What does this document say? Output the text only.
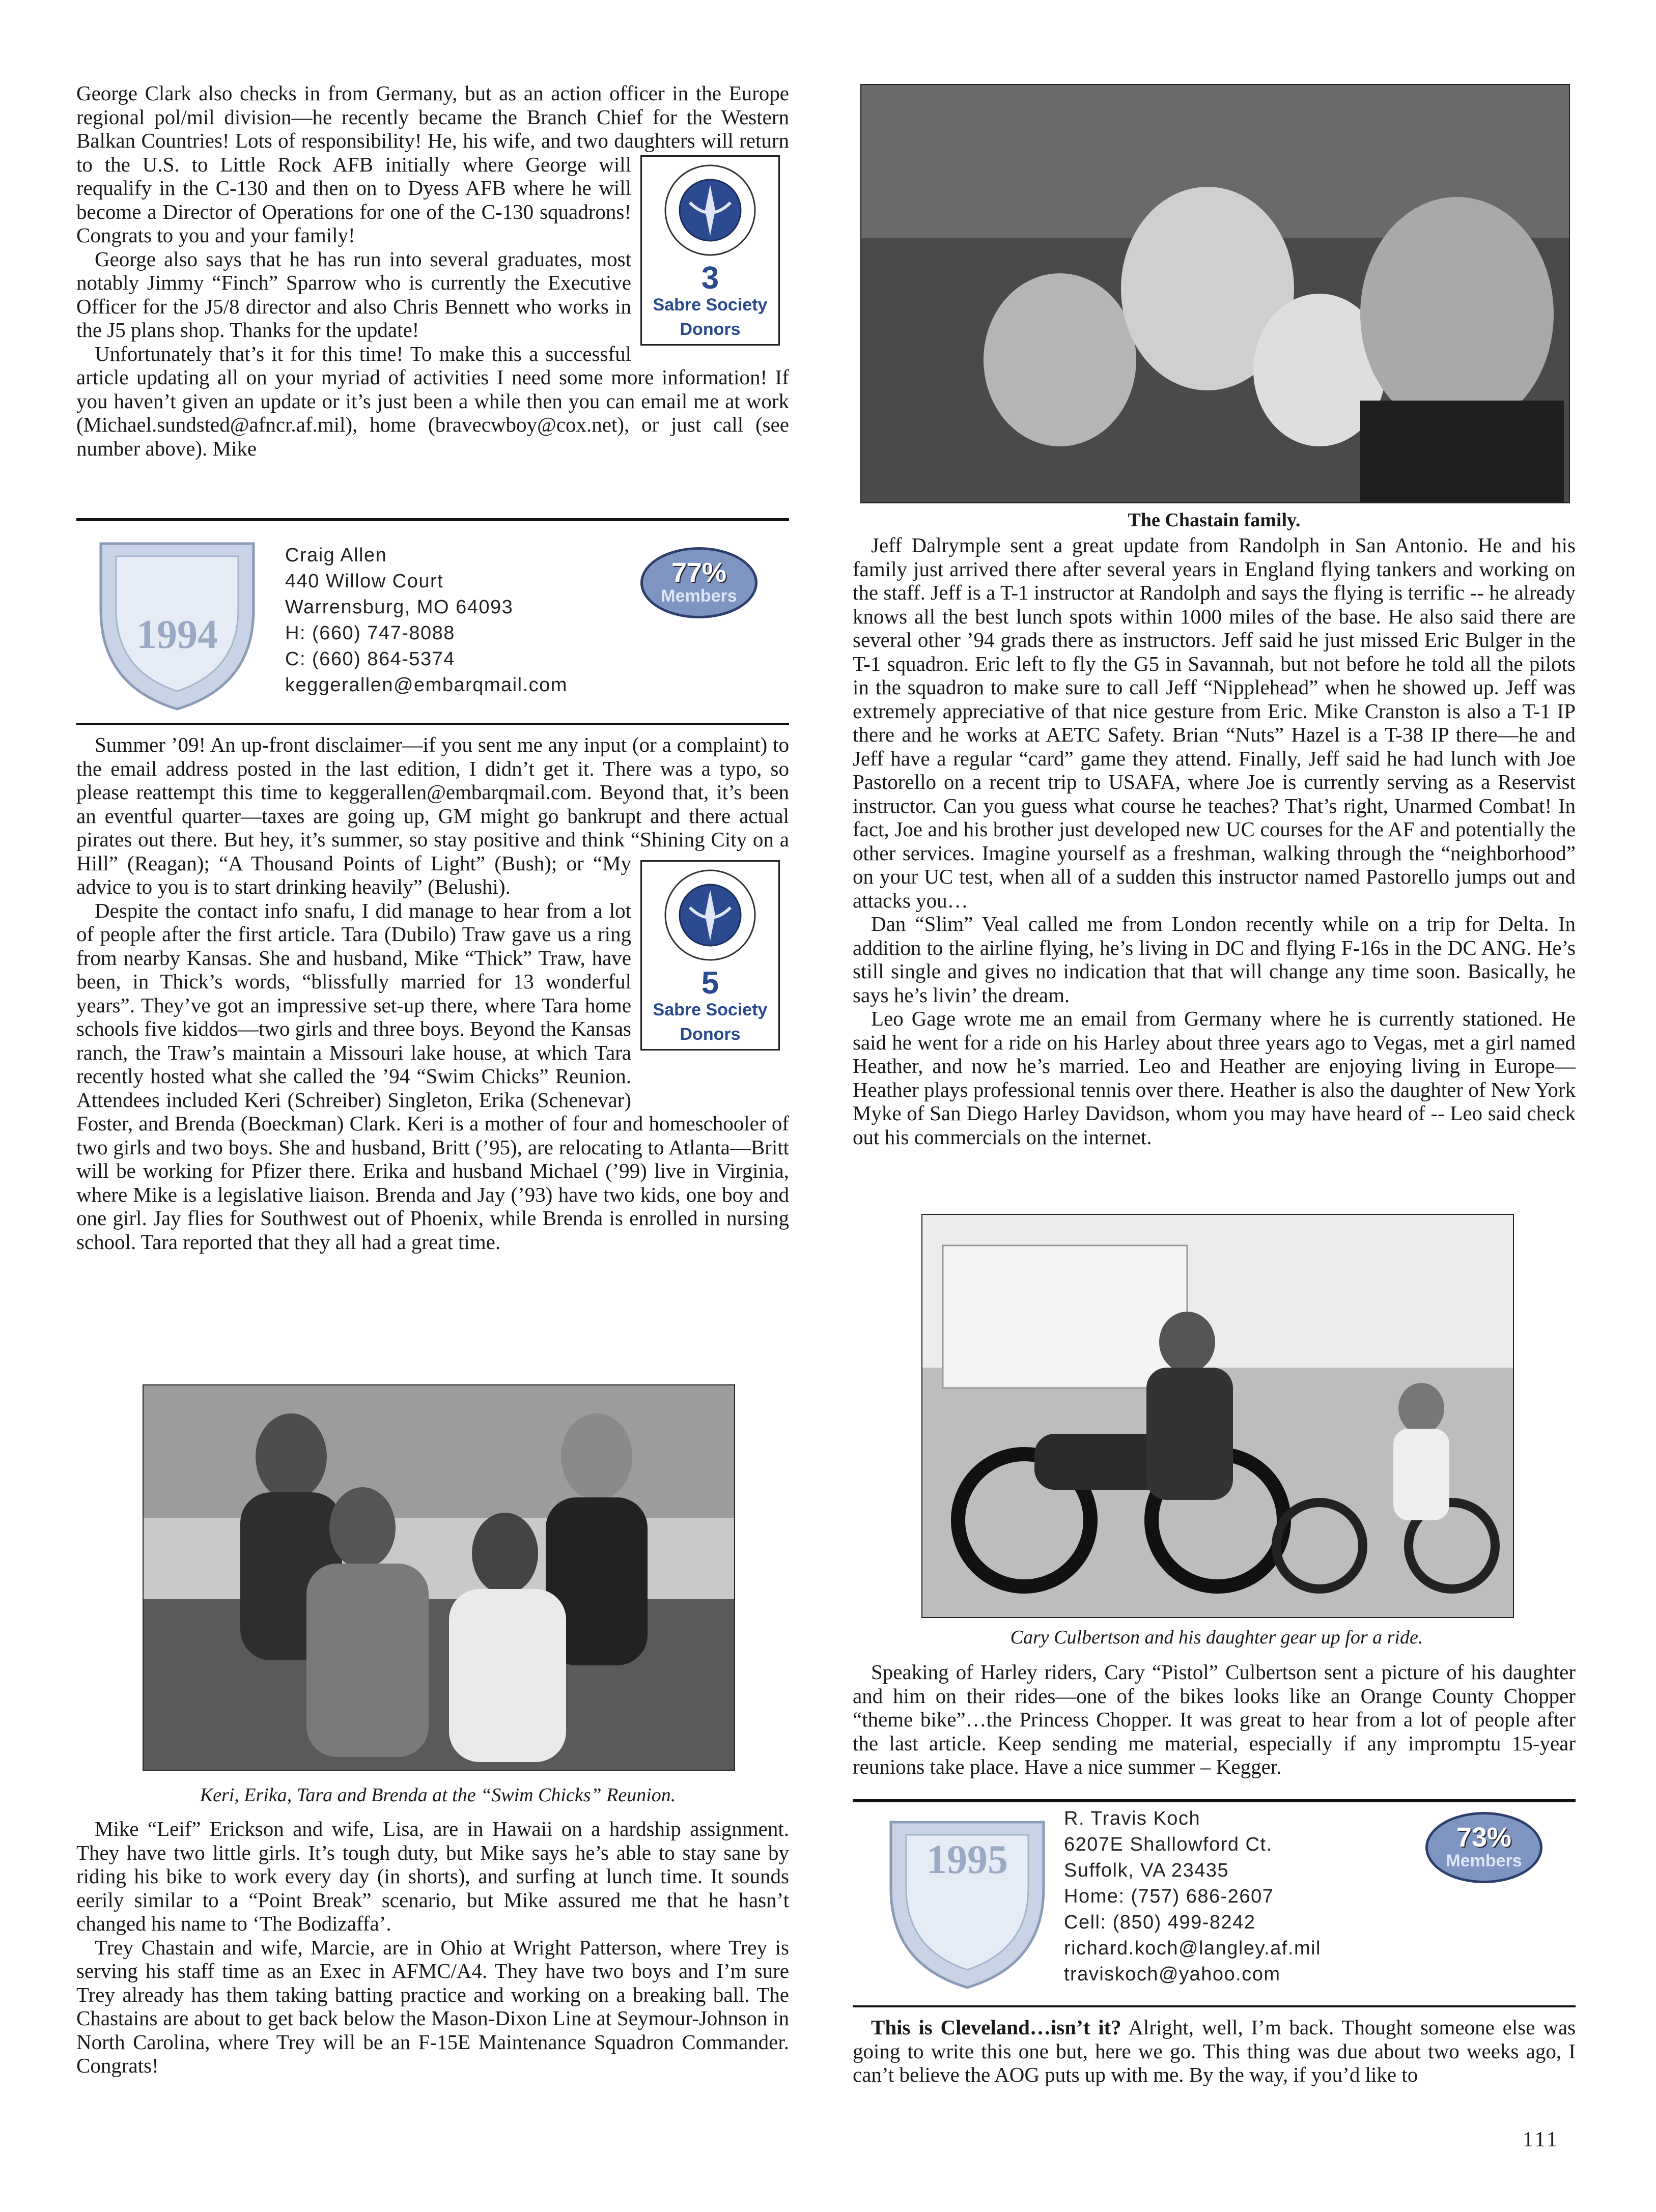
George Clark also checks in from Germany, but as an action officer in the Europe regional pol/mil division—he recently became the Branch Chief for the Western Balkan Countries! Lots of responsibility! He, his wife, and two daughters will return to the U.S. to Little Rock AFB initially where George will requalify in the C-130 and then on to Dyess AFB where he will become a Director of Operations for one of the C-130 squadrons! Congrats to you and your family!

George also says that he has run into several graduates, most notably Jimmy “Finch” Sparrow who is currently the Executive Officer for the J5/8 director and also Chris Bennett who works in the J5 plans shop. Thanks for the update!

Unfortunately that’s it for this time! To make this a successful article updating all on your myriad of activities I need some more information! If you haven’t given an update or it’s just been a while then you can email me at work (Michael.sundsted@afncr.af.mil), home (bravecwboy@cox.net), or just call (see number above). Mike

3
Sabre Society
Donors
1994
Craig Allen
440 Willow Court
Warrensburg, MO 64093
H: (660) 747-8088
C: (660) 864-5374
keggerallen@embarqmail.com
77%
Members

Summer ’09! An up-front disclaimer—if you sent me any input (or a complaint) to the email address posted in the last edition, I didn’t get it. There was a typo, so please reattempt this time to keggerallen@embarqmail.com. Beyond that, it’s been an eventful quarter—taxes are going up, GM might go bankrupt and there actual pirates out there. But hey, it’s summer, so stay positive and think “Shining City on a Hill” (Reagan); “A Thousand Points of Light” (Bush); or “My advice to you is to start drinking heavily” (Belushi).

Despite the contact info snafu, I did manage to hear from a lot of people after the first article. Tara (Dubilo) Traw gave us a ring from nearby Kansas. She and husband, Mike “Thick” Traw, have been, in Thick’s words, “blissfully married for 13 wonderful years”. They’ve got an impressive set-up there, where Tara home schools five kiddos—two girls and three boys. Beyond the Kansas ranch, the Traw’s maintain a Missouri lake house, at which Tara recently hosted what she called the ’94 “Swim Chicks” Reunion. Attendees included Keri (Schreiber) Singleton, Erika (Schenevar) Foster, and Brenda (Boeckman) Clark. Keri is a mother of four and homeschooler of two girls and two boys. She and husband, Britt (’95), are relocating to Atlanta—Britt will be working for Pfizer there. Erika and husband Michael (’99) live in Virginia, where Mike is a legislative liaison. Brenda and Jay (’93) have two kids, one boy and one girl. Jay flies for Southwest out of Phoenix, while Brenda is enrolled in nursing school. Tara reported that they all had a great time.

5
Sabre Society
Donors
Keri, Erika, Tara and Brenda at the “Swim Chicks” Reunion.

Mike “Leif” Erickson and wife, Lisa, are in Hawaii on a hardship assignment. They have two little girls. It’s tough duty, but Mike says he’s able to stay sane by riding his bike to work every day (in shorts), and surfing at lunch time. It sounds eerily similar to a “Point Break” scenario, but Mike assured me that he hasn’t changed his name to ‘The Bodizaffa’.

Trey Chastain and wife, Marcie, are in Ohio at Wright Patterson, where Trey is serving his staff time as an Exec in AFMC/A4. They have two boys and I’m sure Trey already has them taking batting practice and working on a breaking ball. The Chastains are about to get back below the Mason-Dixon Line at Seymour-Johnson in North Carolina, where Trey will be an F-15E Maintenance Squadron Commander. Congrats!

The Chastain family.

Jeff Dalrymple sent a great update from Randolph in San Antonio. He and his family just arrived there after several years in England flying tankers and working on the staff. Jeff is a T-1 instructor at Randolph and says the flying is terrific -- he already knows all the best lunch spots within 1000 miles of the base. He also said there are several other ’94 grads there as instructors. Jeff said he just missed Eric Bulger in the T-1 squadron. Eric left to fly the G5 in Savannah, but not before he told all the pilots in the squadron to make sure to call Jeff “Nipplehead” when he showed up. Jeff was extremely appreciative of that nice gesture from Eric. Mike Cranston is also a T-1 IP there and he works at AETC Safety. Brian “Nuts” Hazel is a T-38 IP there—he and Jeff have a regular “card” game they attend. Finally, Jeff said he had lunch with Joe Pastorello on a recent trip to USAFA, where Joe is currently serving as a Reservist instructor. Can you guess what course he teaches? That’s right, Unarmed Combat! In fact, Joe and his brother just developed new UC courses for the AF and potentially the other services. Imagine yourself as a freshman, walking through the “neighborhood” on your UC test, when all of a sudden this instructor named Pastorello jumps out and attacks you…

Dan “Slim” Veal called me from London recently while on a trip for Delta. In addition to the airline flying, he’s living in DC and flying F-16s in the DC ANG. He’s still single and gives no indication that that will change any time soon. Basically, he says he’s livin’ the dream.

Leo Gage wrote me an email from Germany where he is currently stationed. He said he went for a ride on his Harley about three years ago to Vegas, met a girl named Heather, and now he’s married. Leo and Heather are enjoying living in Europe—Heather plays professional tennis over there. Heather is also the daughter of New York Myke of San Diego Harley Davidson, whom you may have heard of -- Leo said check out his commercials on the internet.

Cary Culbertson and his daughter gear up for a ride.

Speaking of Harley riders, Cary “Pistol” Culbertson sent a picture of his daughter and him on their rides—one of the bikes looks like an Orange County Chopper “theme bike”…the Princess Chopper. It was great to hear from a lot of people after the last article. Keep sending me material, especially if any impromptu 15-year reunions take place. Have a nice summer – Kegger.

1995
R. Travis Koch
6207E Shallowford Ct.
Suffolk, VA 23435
Home: (757) 686-2607
Cell: (850) 499-8242
richard.koch@langley.af.mil
traviskoch@yahoo.com
73%
Members

This is Cleveland…isn’t it? Alright, well, I’m back. Thought someone else was going to write this one but, here we go. This thing was due about two weeks ago, I can’t believe the AOG puts up with me. By the way, if you’d like to

111
